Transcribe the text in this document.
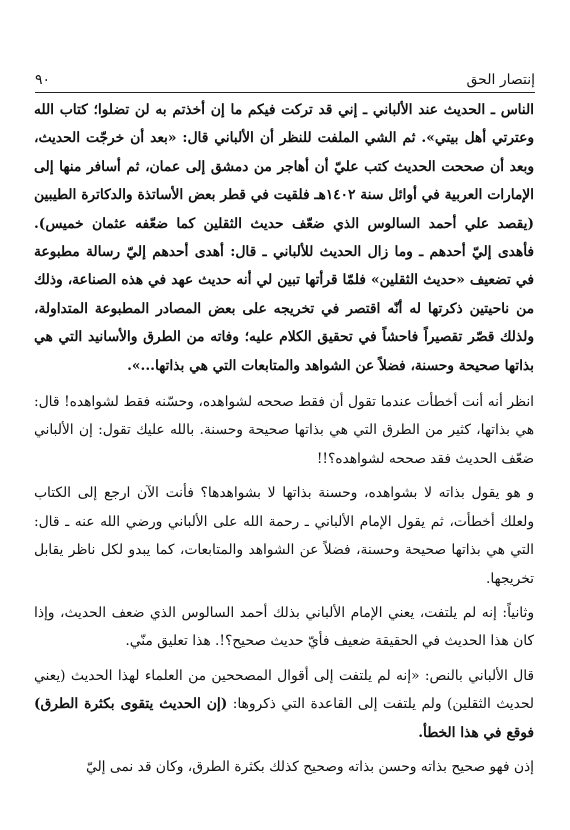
٩٠	إنتصار الحق

الناس ـ الحديث عند الألباني ـ إني قد تركت فيكم ما إن أخذتم به لن تضلوا؛ كتاب الله وعترتي أهل بيتي». ثم الشي الملفت للنظر أن الألباني قال: «بعد أن خرجّت الحديث، وبعد أن صححت الحديث كتب عليّ أن أهاجر من دمشق إلى عمان، ثم أسافر منها إلى الإمارات العربية في أوائل سنة ١٤٠٢هـ فلقيت في قطر بعض الأساتذة والدكاترة الطيبين (يقصد علي أحمد السالوس الذي ضعّف حديث الثقلين كما ضعّفه عثمان خميس). فأهدى إليّ أحدهم ـ وما زال الحديث للألباني ـ قال: أهدى أحدهم إليّ رسالة مطبوعة في تضعيف «حديث الثقلين» فلمّا قرأتها تبين لي أنه حديث عهد في هذه الصناعة، وذلك من ناحيتين ذكرتها له أنّه اقتصر في تخريجه على بعض المصادر المطبوعة المتداولة، ولذلك قصّر تقصيراً فاحشاً في تحقيق الكلام عليه؛ وفاته من الطرق والأسانيد التي هي بذاتها صحيحة وحسنة، فضلاً عن الشواهد والمتابعات التي هي بذاتها...».

انظر أنه أنت أخطأت عندما تقول أن فقط صححه لشواهده، وحسّنه فقط لشواهده! قال: هي بذاتها، كثير من الطرق التي هي بذاتها صحيحة وحسنة. بالله عليك تقول: إن الألباني ضعّف الحديث فقد صححه لشواهده؟!!

و هو يقول بذاته لا بشواهده، وحسنة بذاتها لا بشواهدها؟ فأنت الآن ارجع إلى الكتاب ولعلك أخطأت، ثم يقول الإمام الألباني ـ رحمة الله على الألباني ورضي الله عنه ـ قال: التي هي بذاتها صحيحة وحسنة، فضلاً عن الشواهد والمتابعات، كما يبدو لكل ناظر يقابل تخريجها.

وثانياً: إنه لم يلتفت، يعني الإمام الألباني بذلك أحمد السالوس الذي ضعف الحديث، وإذا كان هذا الحديث في الحقيقة ضعيف فأيّ حديث صحيح؟!. هذا تعليق منّي.

قال الألباني بالنص: «إنه لم يلتفت إلى أقوال المصححين من العلماء لهذا الحديث (يعني لحديث الثقلين) ولم يلتفت إلى القاعدة التي ذكروها: (إن الحديث يتقوى بكثرة الطرق) فوقع في هذا الخطأ.

إذن فهو صحيح بذاته وحسن بذاته وصحيح كذلك بكثرة الطرق، وكان قد نمى إليّ
